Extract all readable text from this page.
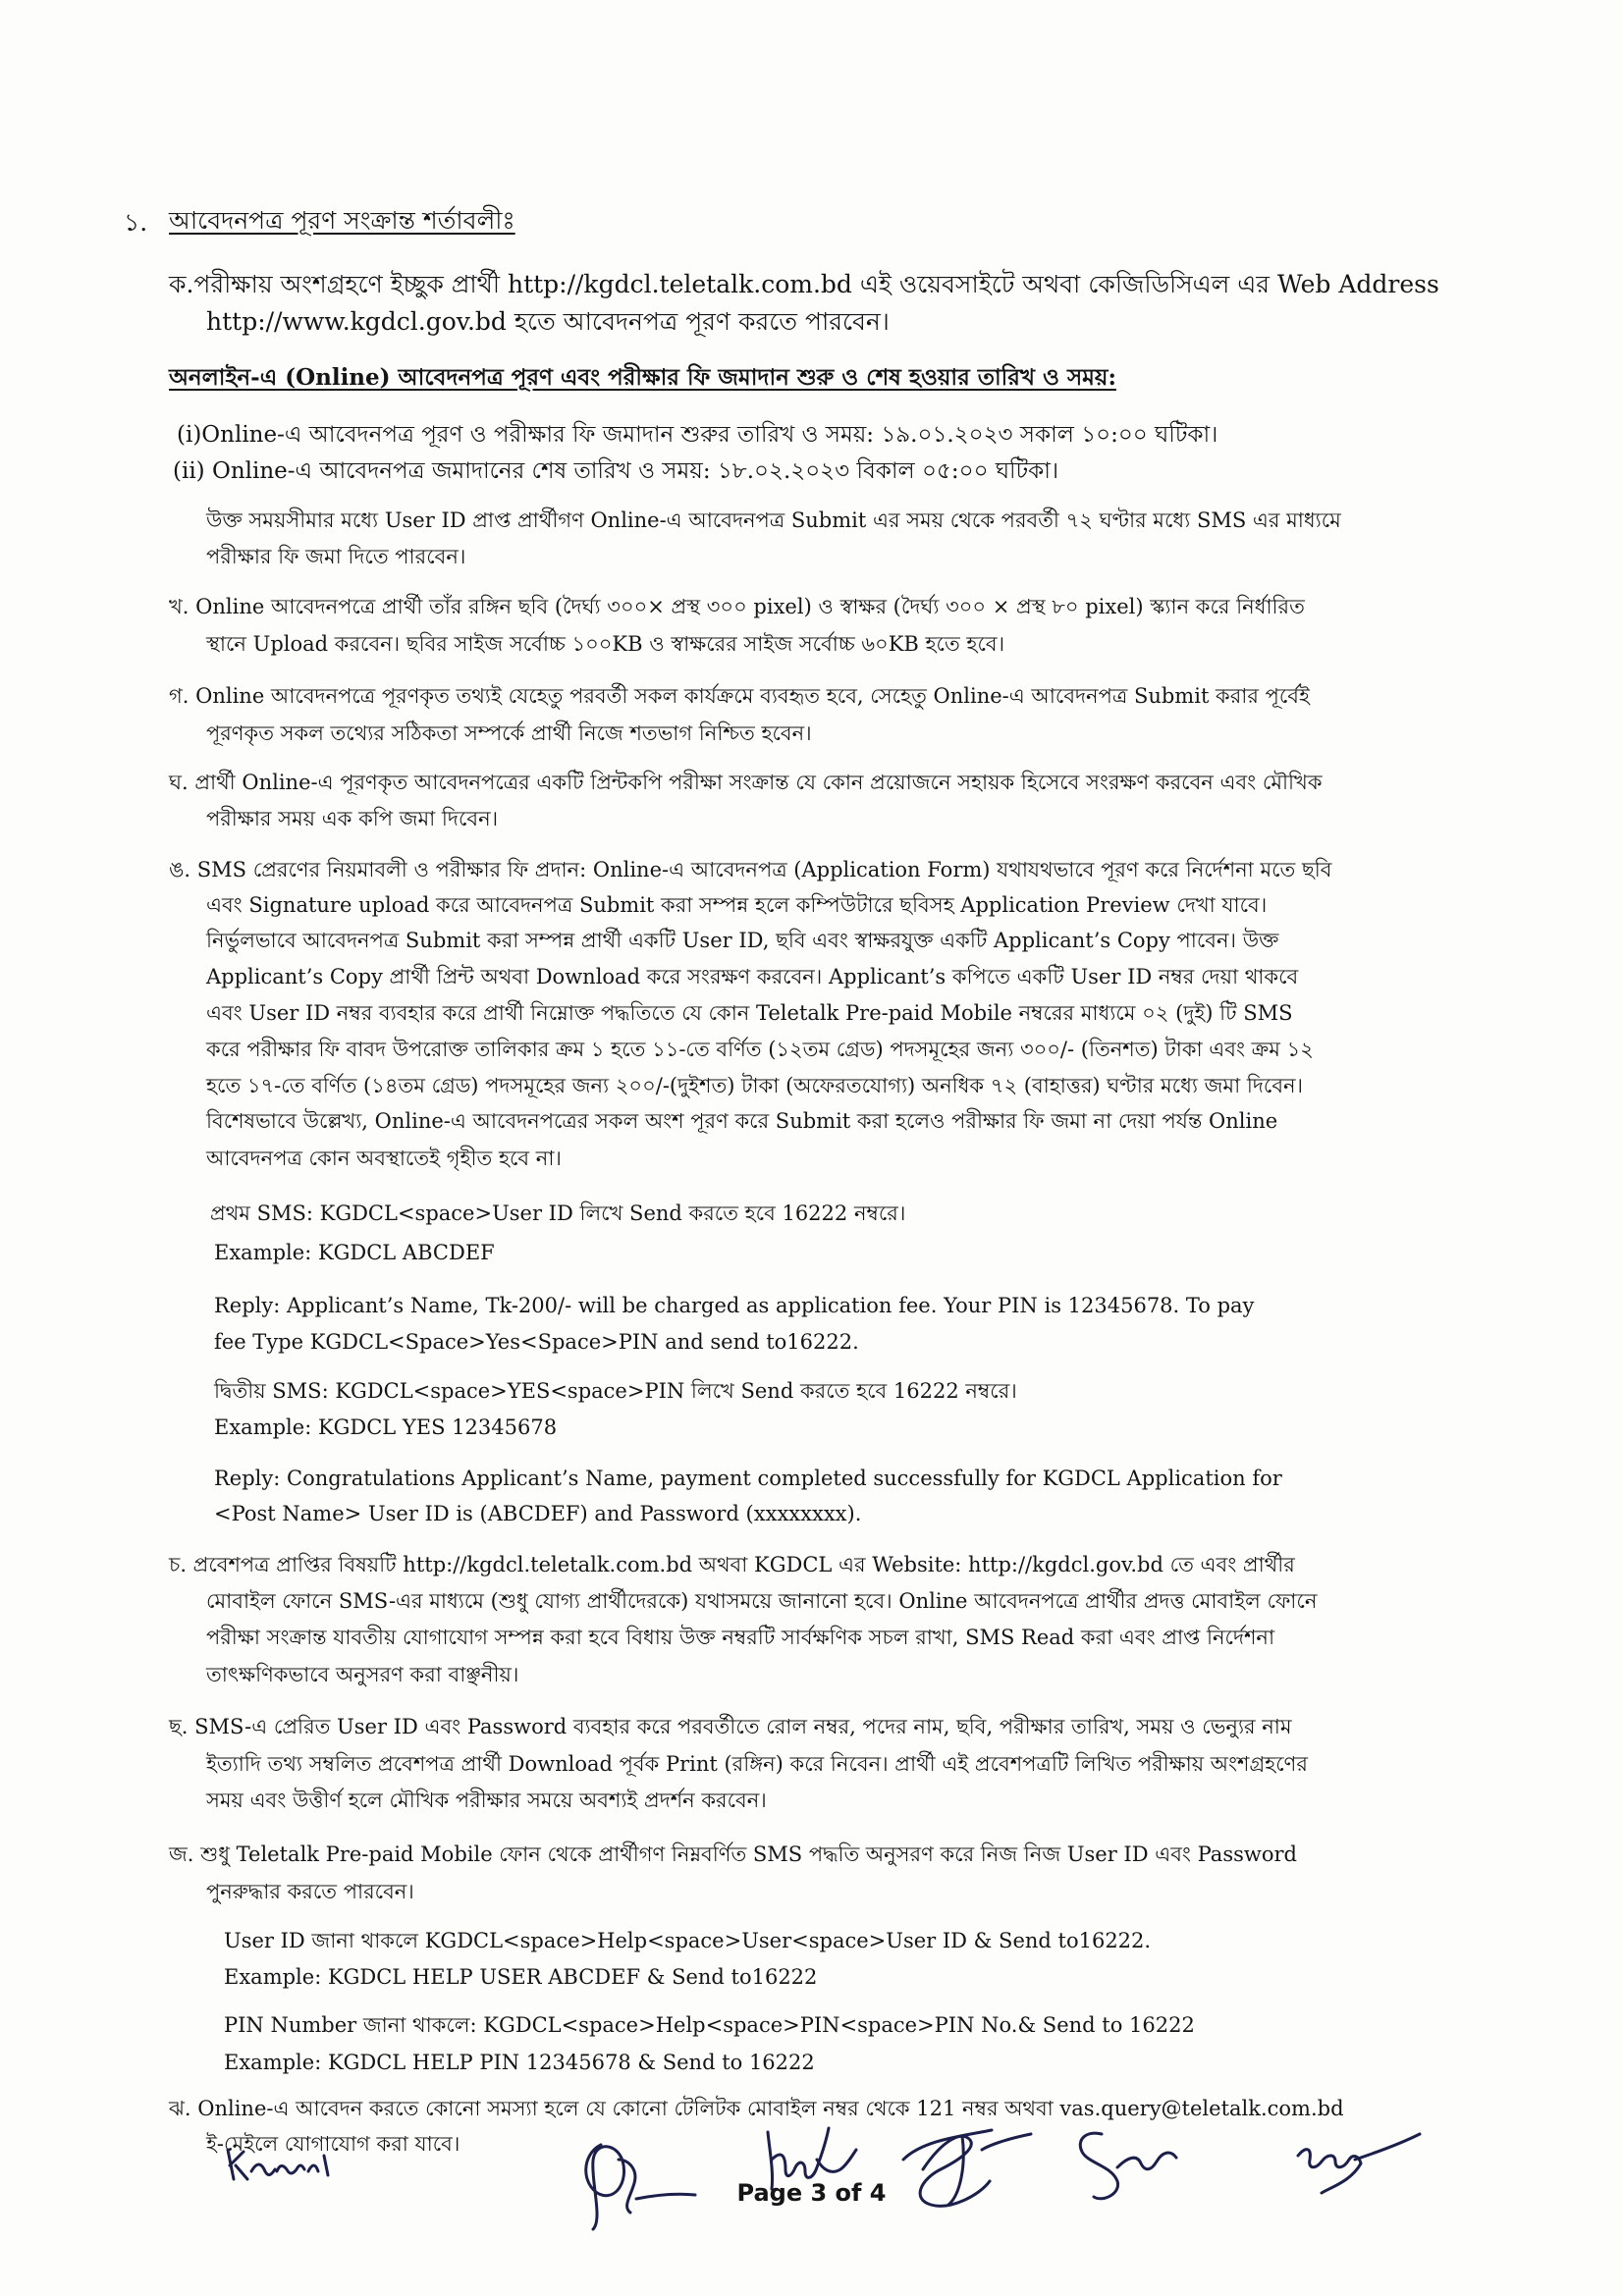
১. আবেদনপত্র পূরণ সংক্রান্ত শর্তাবলীঃ
ক.পরীক্ষায় অংশগ্রহণে ইচ্ছুক প্রার্থী http://kgdcl.teletalk.com.bd এই ওয়েবসাইটে অথবা কেজিডিসিএল এর Web Address
http://www.kgdcl.gov.bd হতে আবেদনপত্র পূরণ করতে পারবেন।
অনলাইন-এ (Online) আবেদনপত্র পূরণ এবং পরীক্ষার ফি জমাদান শুরু ও শেষ হওয়ার তারিখ ও সময়:
(i)Online-এ আবেদনপত্র পূরণ ও পরীক্ষার ফি জমাদান শুরুর তারিখ ও সময়: ১৯.০১.২০২৩ সকাল ১০:০০ ঘটিকা।
(ii) Online-এ আবেদনপত্র জমাদানের শেষ তারিখ ও সময়: ১৮.০২.২০২৩ বিকাল ০৫:০০ ঘটিকা।
উক্ত সময়সীমার মধ্যে User ID প্রাপ্ত প্রার্থীগণ Online-এ আবেদনপত্র Submit এর সময় থেকে পরবর্তী ৭২ ঘণ্টার মধ্যে SMS এর মাধ্যমে
পরীক্ষার ফি জমা দিতে পারবেন।
খ. Online আবেদনপত্রে প্রার্থী তাঁর রঙ্গিন ছবি (দৈর্ঘ্য ৩০০× প্রস্থ ৩০০ pixel) ও স্বাক্ষর (দৈর্ঘ্য ৩০০ × প্রস্থ ৮০ pixel) স্ক্যান করে নির্ধারিত
স্থানে Upload করবেন। ছবির সাইজ সর্বোচ্চ ১০০KB ও স্বাক্ষরের সাইজ সর্বোচ্চ ৬০KB হতে হবে।
গ. Online আবেদনপত্রে পূরণকৃত তথ্যই যেহেতু পরবর্তী সকল কার্যক্রমে ব্যবহৃত হবে, সেহেতু Online-এ আবেদনপত্র Submit করার পূর্বেই
পূরণকৃত সকল তথ্যের সঠিকতা সম্পর্কে প্রার্থী নিজে শতভাগ নিশ্চিত হবেন।
ঘ. প্রার্থী Online-এ পূরণকৃত আবেদনপত্রের একটি প্রিন্টকপি পরীক্ষা সংক্রান্ত যে কোন প্রয়োজনে সহায়ক হিসেবে সংরক্ষণ করবেন এবং মৌখিক
পরীক্ষার সময় এক কপি জমা দিবেন।
ঙ. SMS প্রেরণের নিয়মাবলী ও পরীক্ষার ফি প্রদান: Online-এ আবেদনপত্র (Application Form) যথাযথভাবে পূরণ করে নির্দেশনা মতে ছবি
এবং Signature upload করে আবেদনপত্র Submit করা সম্পন্ন হলে কম্পিউটারে ছবিসহ Application Preview দেখা যাবে।
নির্ভুলভাবে আবেদনপত্র Submit করা সম্পন্ন প্রার্থী একটি User ID, ছবি এবং স্বাক্ষরযুক্ত একটি Applicant’s Copy পাবেন। উক্ত
Applicant’s Copy প্রার্থী প্রিন্ট অথবা Download করে সংরক্ষণ করবেন। Applicant’s কপিতে একটি User ID নম্বর দেয়া থাকবে
এবং User ID নম্বর ব্যবহার করে প্রার্থী নিম্নোক্ত পদ্ধতিতে যে কোন Teletalk Pre-paid Mobile নম্বরের মাধ্যমে ০২ (দুই) টি SMS
করে পরীক্ষার ফি বাবদ উপরোক্ত তালিকার ক্রম ১ হতে ১১-তে বর্ণিত (১২তম গ্রেড) পদসমূহের জন্য ৩০০/- (তিনশত) টাকা এবং ক্রম ১২
হতে ১৭-তে বর্ণিত (১৪তম গ্রেড) পদসমূহের জন্য ২০০/-(দুইশত) টাকা (অফেরতযোগ্য) অনধিক ৭২ (বাহাত্তর) ঘণ্টার মধ্যে জমা দিবেন।
বিশেষভাবে উল্লেখ্য, Online-এ আবেদনপত্রের সকল অংশ পূরণ করে Submit করা হলেও পরীক্ষার ফি জমা না দেয়া পর্যন্ত Online
আবেদনপত্র কোন অবস্থাতেই গৃহীত হবে না।
প্রথম SMS: KGDCL<space>User ID লিখে Send করতে হবে 16222 নম্বরে।
Example: KGDCL ABCDEF
Reply: Applicant’s Name, Tk-200/- will be charged as application fee. Your PIN is 12345678. To pay
fee Type KGDCL<Space>Yes<Space>PIN and send to16222.
দ্বিতীয় SMS: KGDCL<space>YES<space>PIN লিখে Send করতে হবে 16222 নম্বরে।
Example: KGDCL YES 12345678
Reply: Congratulations Applicant’s Name, payment completed successfully for KGDCL Application for
<Post Name> User ID is (ABCDEF) and Password (xxxxxxxx).
চ. প্রবেশপত্র প্রাপ্তির বিষয়টি http://kgdcl.teletalk.com.bd অথবা KGDCL এর Website: http://kgdcl.gov.bd তে এবং প্রার্থীর
মোবাইল ফোনে SMS-এর মাধ্যমে (শুধু যোগ্য প্রার্থীদেরকে) যথাসময়ে জানানো হবে। Online আবেদনপত্রে প্রার্থীর প্রদত্ত মোবাইল ফোনে
পরীক্ষা সংক্রান্ত যাবতীয় যোগাযোগ সম্পন্ন করা হবে বিধায় উক্ত নম্বরটি সার্বক্ষণিক সচল রাখা, SMS Read করা এবং প্রাপ্ত নির্দেশনা
তাৎক্ষণিকভাবে অনুসরণ করা বাঞ্ছনীয়।
ছ. SMS-এ প্রেরিত User ID এবং Password ব্যবহার করে পরবর্তীতে রোল নম্বর, পদের নাম, ছবি, পরীক্ষার তারিখ, সময় ও ভেন্যুর নাম
ইত্যাদি তথ্য সম্বলিত প্রবেশপত্র প্রার্থী Download পূর্বক Print (রঙ্গিন) করে নিবেন। প্রার্থী এই প্রবেশপত্রটি লিখিত পরীক্ষায় অংশগ্রহণের
সময় এবং উত্তীর্ণ হলে মৌখিক পরীক্ষার সময়ে অবশ্যই প্রদর্শন করবেন।
জ. শুধু Teletalk Pre-paid Mobile ফোন থেকে প্রার্থীগণ নিম্নবর্ণিত SMS পদ্ধতি অনুসরণ করে নিজ নিজ User ID এবং Password
পুনরুদ্ধার করতে পারবেন।
User ID জানা থাকলে KGDCL<space>Help<space>User<space>User ID & Send to16222.
Example: KGDCL HELP USER ABCDEF & Send to16222
PIN Number জানা থাকলে: KGDCL<space>Help<space>PIN<space>PIN No.& Send to 16222
Example: KGDCL HELP PIN 12345678 & Send to 16222
ঝ. Online-এ আবেদন করতে কোনো সমস্যা হলে যে কোনো টেলিটক মোবাইল নম্বর থেকে 121 নম্বর অথবা vas.query@teletalk.com.bd
ই-মেইলে যোগাযোগ করা যাবে।
Page 3 of 4
